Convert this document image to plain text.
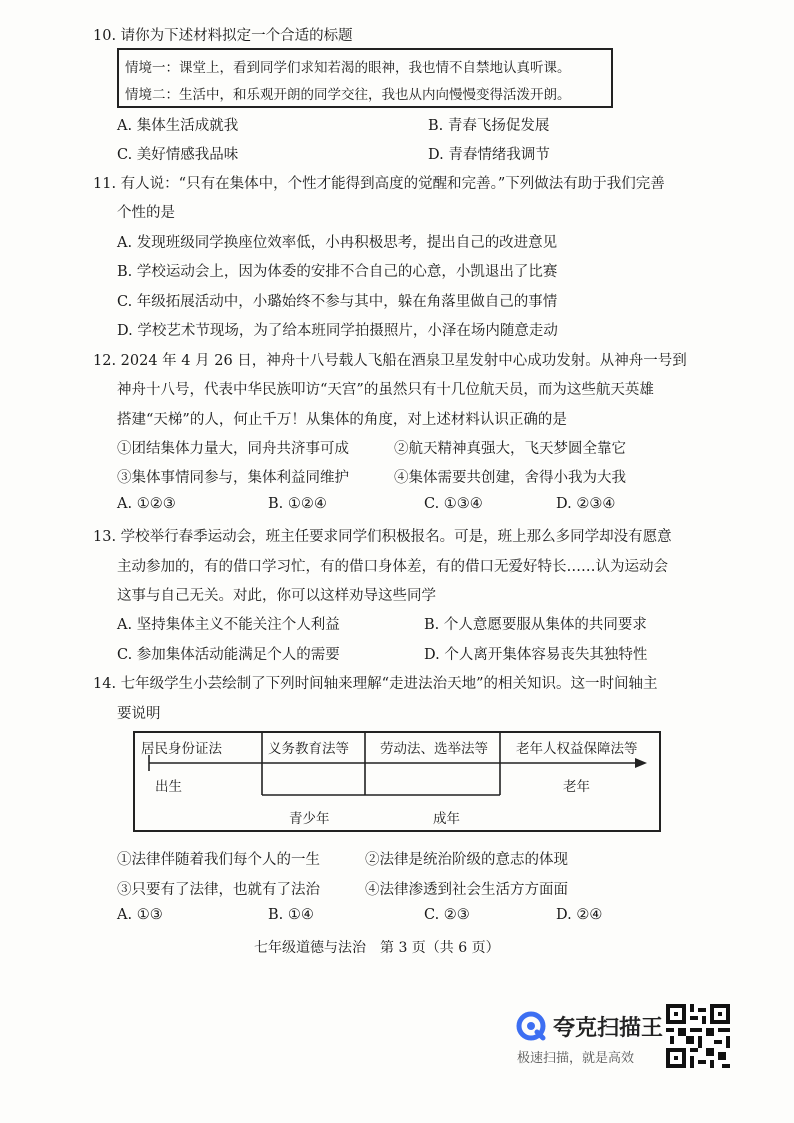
10. 请你为下述材料拟定一个合适的标题
情境一：课堂上，看到同学们求知若渴的眼神，我也情不自禁地认真听课。
情境二：生活中，和乐观开朗的同学交往，我也从内向慢慢变得活泼开朗。
A. 集体生活成就我	B. 青春飞扬促发展
C. 美好情感我品味	D. 青春情绪我调节
11. 有人说：“只有在集体中，个性才能得到高度的觉醒和完善。”下列做法有助于我们完善
个性的是
A. 发现班级同学换座位效率低，小冉积极思考，提出自己的改进意见
B. 学校运动会上，因为体委的安排不合自己的心意，小凯退出了比赛
C. 年级拓展活动中，小璐始终不参与其中，躲在角落里做自己的事情
D. 学校艺术节现场，为了给本班同学拍摄照片，小泽在场内随意走动
12. 2024 年 4 月 26 日，神舟十八号载人飞船在酒泉卫星发射中心成功发射。从神舟一号到
神舟十八号，代表中华民族叩访“天宫”的虽然只有十几位航天员，而为这些航天英雄
搭建“天梯”的人，何止千万！从集体的角度，对上述材料认识正确的是
①团结集体力量大，同舟共济事可成	②航天精神真强大，飞天梦圆全靠它
③集体事情同参与，集体利益同维护	④集体需要共创建，舍得小我为大我
A. ①②③	B. ①②④	C. ①③④	D. ②③④
13. 学校举行春季运动会，班主任要求同学们积极报名。可是，班上那么多同学却没有愿意
主动参加的，有的借口学习忙，有的借口身体差，有的借口无爱好特长……认为运动会
这事与自己无关。对此，你可以这样劝导这些同学
A. 坚持集体主义不能关注个人利益	B. 个人意愿要服从集体的共同要求
C. 参加集体活动能满足个人的需要	D. 个人离开集体容易丧失其独特性
14. 七年级学生小芸绘制了下列时间轴来理解“走进法治天地”的相关知识。这一时间轴主
要说明
居民身份证法	义务教育法等 劳动法、选举法等 老年人权益保障法等
出生
青少年	成年
老年
①法律伴随着我们每个人的一生	②法律是统治阶级的意志的体现
③只要有了法律，也就有了法治	④法律渗透到社会生活方方面面
A. ①③	B. ①④	C. ②③	D. ②④
七年级道德与法治　第 3 页（共 6 页）
夸克扫描王
极速扫描，就是高效
